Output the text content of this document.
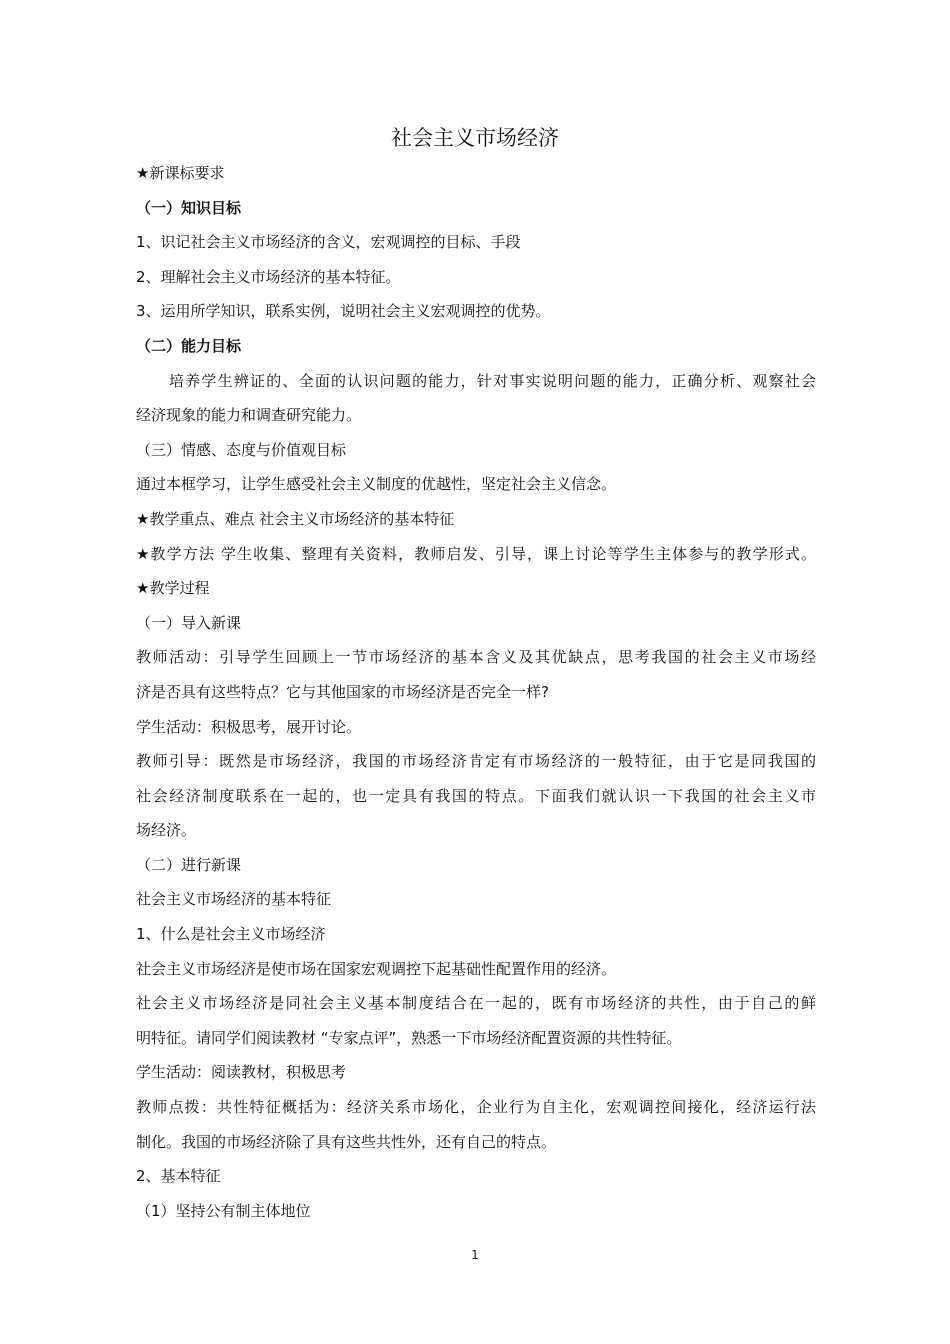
社会主义市场经济
★新课标要求
（一）知识目标
1、识记社会主义市场经济的含义，宏观调控的目标、手段
2、理解社会主义市场经济的基本特征。
3、运用所学知识，联系实例，说明社会主义宏观调控的优势。
（二）能力目标
培养学生辨证的、全面的认识问题的能力，针对事实说明问题的能力，正确分析、观察社会
经济现象的能力和调查研究能力。
（三）情感、态度与价值观目标
通过本框学习，让学生感受社会主义制度的优越性，坚定社会主义信念。
★教学重点、难点 社会主义市场经济的基本特征
★教学方法 学生收集、整理有关资料，教师启发、引导，课上讨论等学生主体参与的教学形式。
★教学过程
（一）导入新课
教师活动：引导学生回顾上一节市场经济的基本含义及其优缺点，思考我国的社会主义市场经
济是否具有这些特点？它与其他国家的市场经济是否完全一样?
学生活动：积极思考，展开讨论。
教师引导：既然是市场经济，我国的市场经济肯定有市场经济的一般特征，由于它是同我国的
社会经济制度联系在一起的，也一定具有我国的特点。下面我们就认识一下我国的社会主义市
场经济。
（二）进行新课
社会主义市场经济的基本特征
1、什么是社会主义市场经济
社会主义市场经济是使市场在国家宏观调控下起基础性配置作用的经济。
社会主义市场经济是同社会主义基本制度结合在一起的，既有市场经济的共性，由于自己的鲜
明特征。请同学们阅读教材 “专家点评”，熟悉一下市场经济配置资源的共性特征。
学生活动：阅读教材，积极思考
教师点拨：共性特征概括为：经济关系市场化，企业行为自主化，宏观调控间接化，经济运行法
制化。我国的市场经济除了具有这些共性外，还有自己的特点。
2、基本特征
（1）坚持公有制主体地位
1
